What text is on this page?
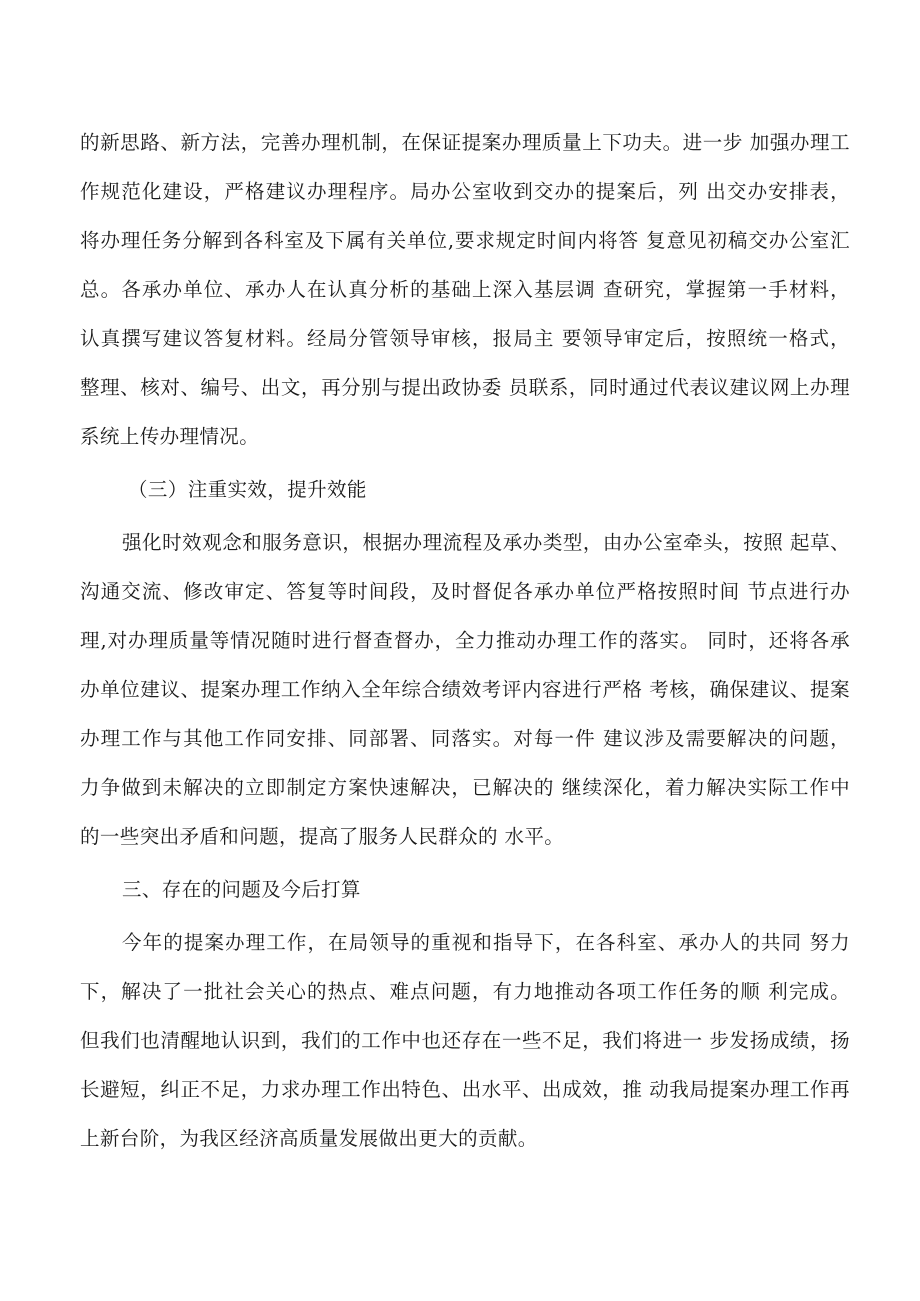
的新思路、新方法，完善办理机制，在保证提案办理质量上下功夫。进一步 加强办理工
作规范化建设，严格建议办理程序。局办公室收到交办的提案后，列 出交办安排表，
将办理任务分解到各科室及下属有关单位,要求规定时间内将答 复意见初稿交办公室汇
总。各承办单位、承办人在认真分析的基础上深入基层调 查研究，掌握第一手材料，
认真撰写建议答复材料。经局分管领导审核，报局主 要领导审定后，按照统一格式，
整理、核对、编号、出文，再分别与提出政协委 员联系，同时通过代表议建议网上办理
系统上传办理情况。
（三）注重实效，提升效能
强化时效观念和服务意识，根据办理流程及承办类型，由办公室牵头，按照 起草、
沟通交流、修改审定、答复等时间段，及时督促各承办单位严格按照时间 节点进行办
理,对办理质量等情况随时进行督查督办，全力推动办理工作的落实。 同时，还将各承
办单位建议、提案办理工作纳入全年综合绩效考评内容进行严格 考核，确保建议、提案
办理工作与其他工作同安排、同部署、同落实。对每一件 建议涉及需要解决的问题，
力争做到未解决的立即制定方案快速解决，已解决的 继续深化，着力解决实际工作中
的一些突出矛盾和问题，提高了服务人民群众的 水平。
三、存在的问题及今后打算
今年的提案办理工作，在局领导的重视和指导下，在各科室、承办人的共同 努力
下，解决了一批社会关心的热点、难点问题，有力地推动各项工作任务的顺 利完成。
但我们也清醒地认识到，我们的工作中也还存在一些不足，我们将进一 步发扬成绩，扬
长避短，纠正不足，力求办理工作出特色、出水平、出成效，推 动我局提案办理工作再
上新台阶，为我区经济高质量发展做出更大的贡献。
